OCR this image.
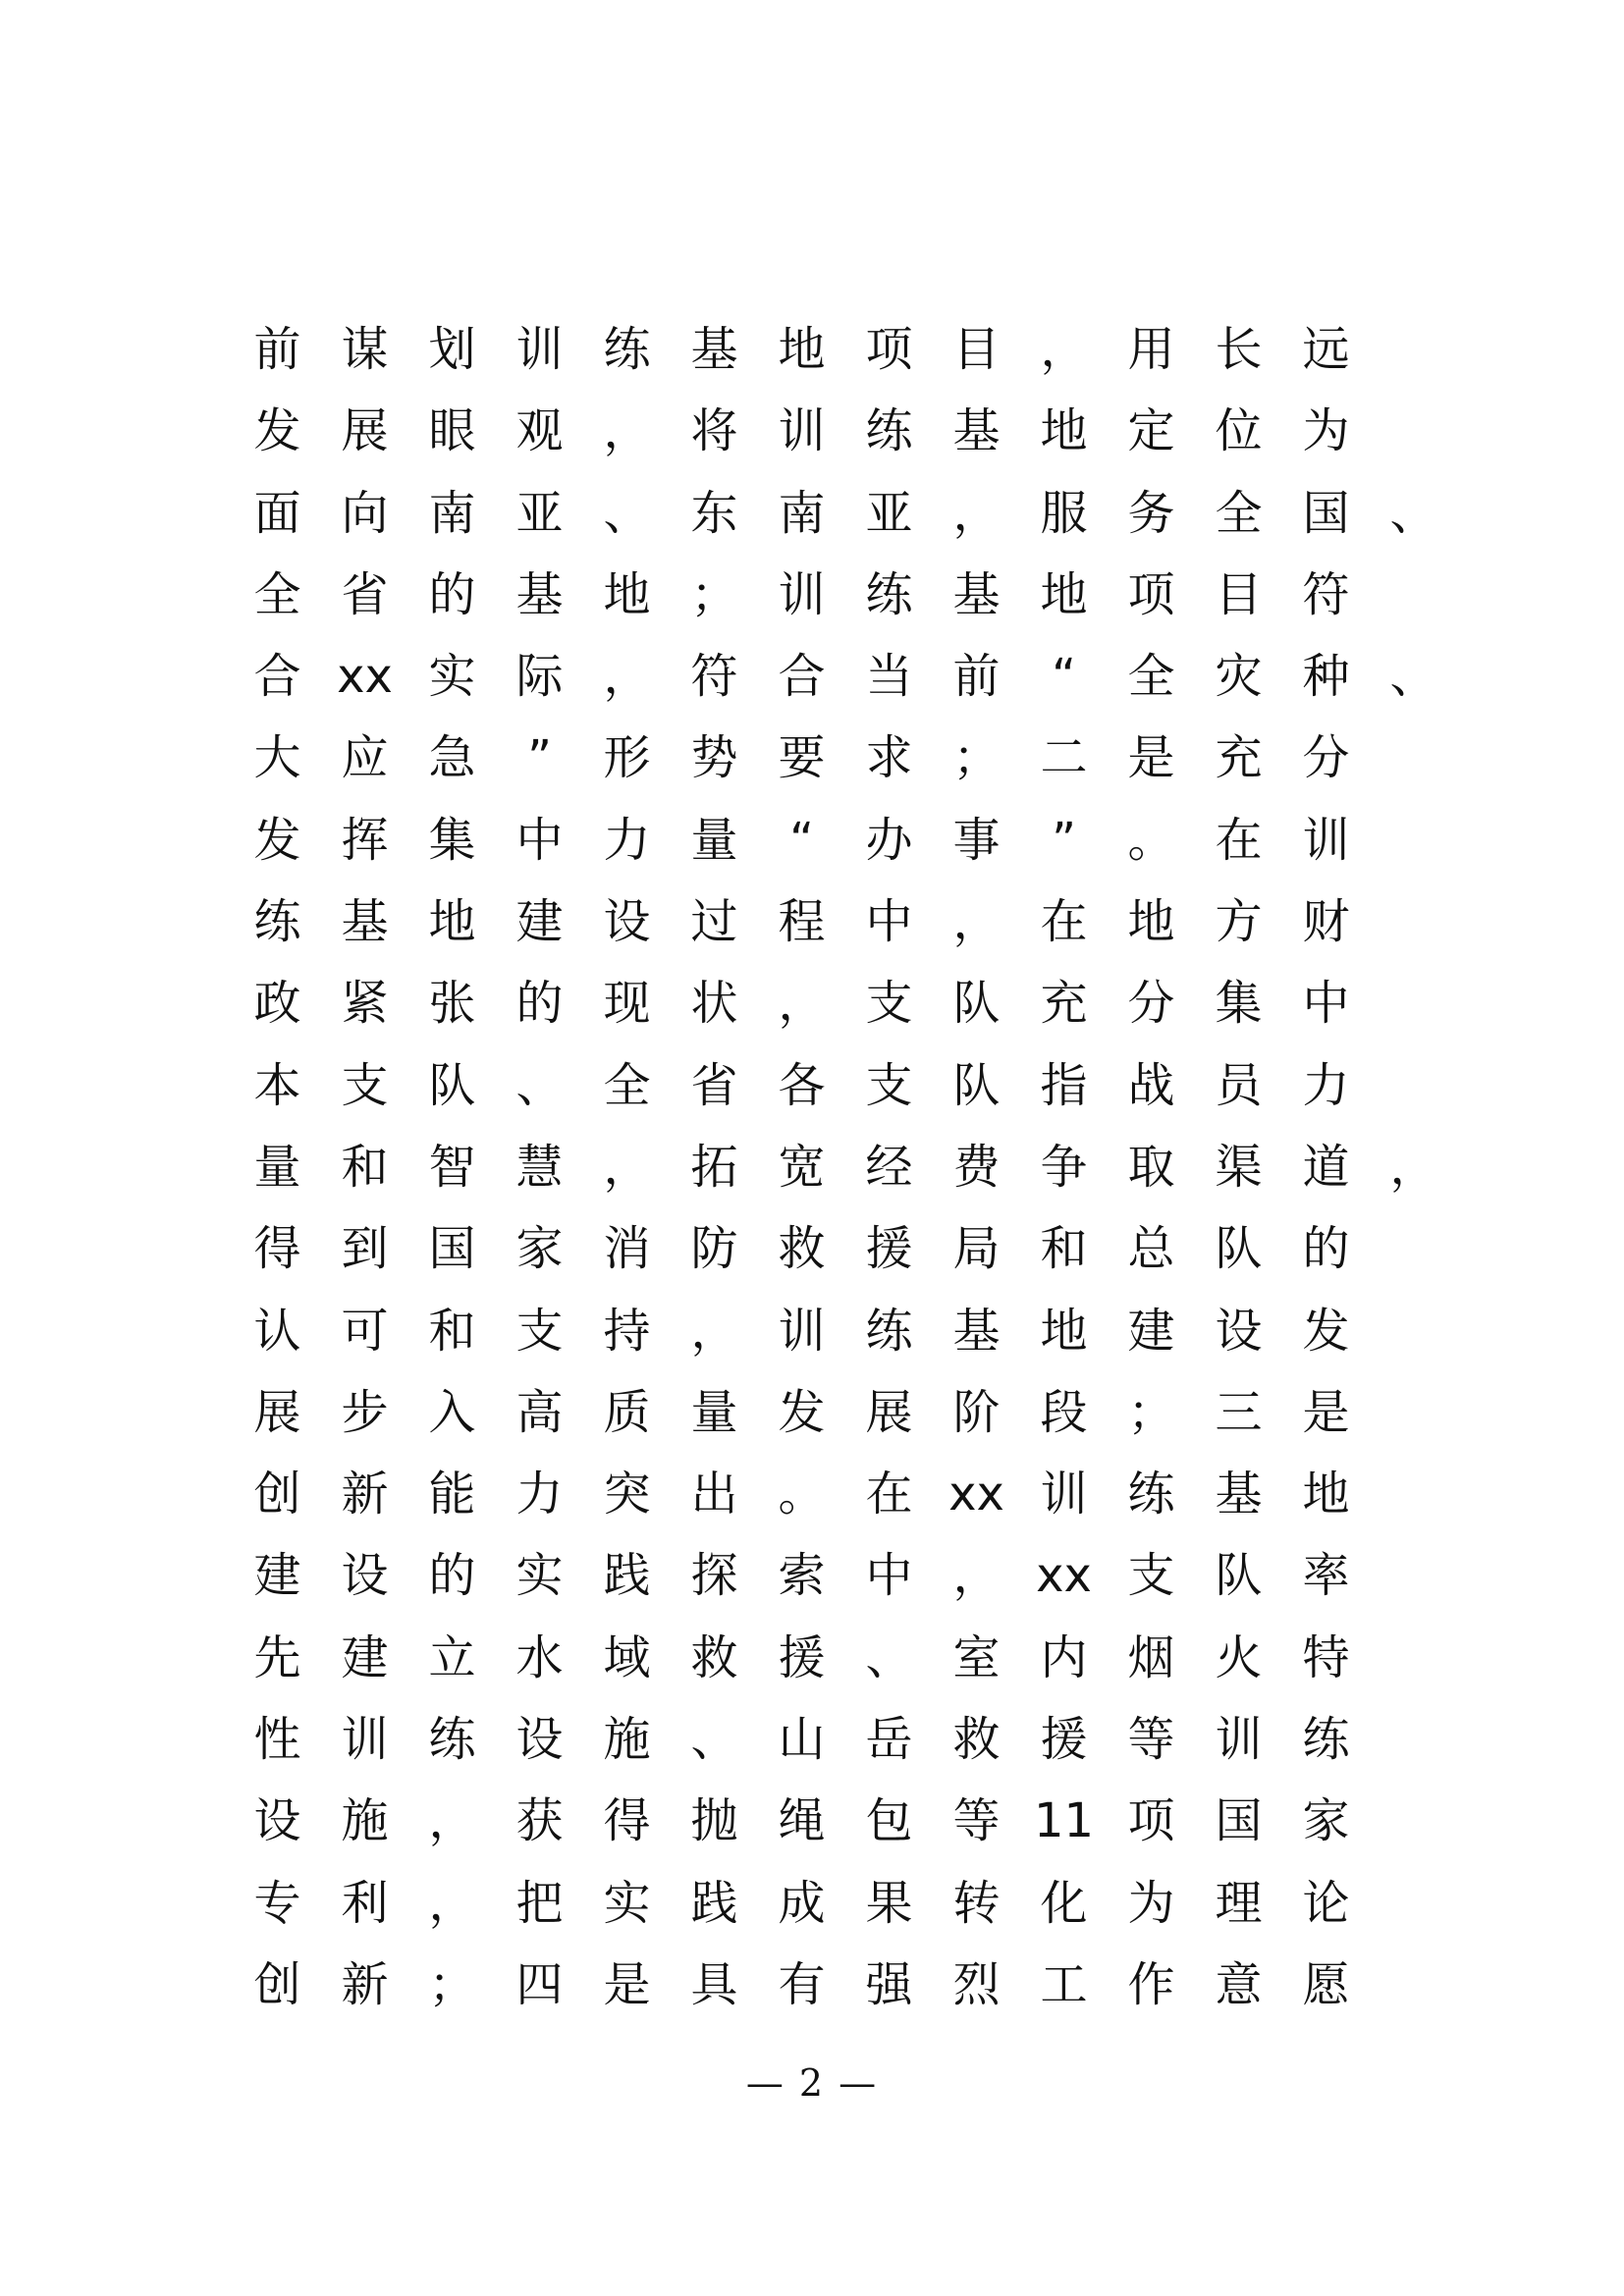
前 谋 划 训 练 基 地 项 目 ， 用 长 远
发 展 眼 观 ， 将 训 练 基 地 定 位 为
面 向 南 亚 、 东 南 亚 ， 服 务 全 国 、
全 省 的 基 地 ； 训 练 基 地 项 目 符
合 xx 实 际 ， 符 合 当 前	“	全 灾 种 、
大 应 急	”	形 势 要 求 ； 二 是 充 分
发 挥 集 中 力 量	“	办 事	”	。 在 训
练 基 地 建 设 过 程 中 ， 在 地 方 财
政 紧 张 的 现 状 ， 支 队 充 分 集 中
本 支 队 、 全 省 各 支 队 指 战 员 力
量 和 智 慧 ， 拓 宽 经 费 争 取 渠 道 ，
得 到 国 家 消 防 救 援 局 和 总 队 的
认 可 和 支 持 ， 训 练 基 地 建 设 发
展 步 入 高 质 量 发 展 阶 段 ； 三 是
创 新 能 力 突 出 。 在 xx 训 练 基 地
建 设 的 实 践 探 索 中 ， xx 支 队 率
先 建 立 水 域 救 援 、 室 内 烟 火 特
性 训 练 设 施 、 山 岳 救 援 等 训 练
设 施 ， 获 得 抛 绳 包 等 11 项 国 家
专 利 ， 把 实 践 成 果 转 化 为 理 论
创 新 ； 四 是 具 有 强 烈 工 作 意 愿
— 2 —
